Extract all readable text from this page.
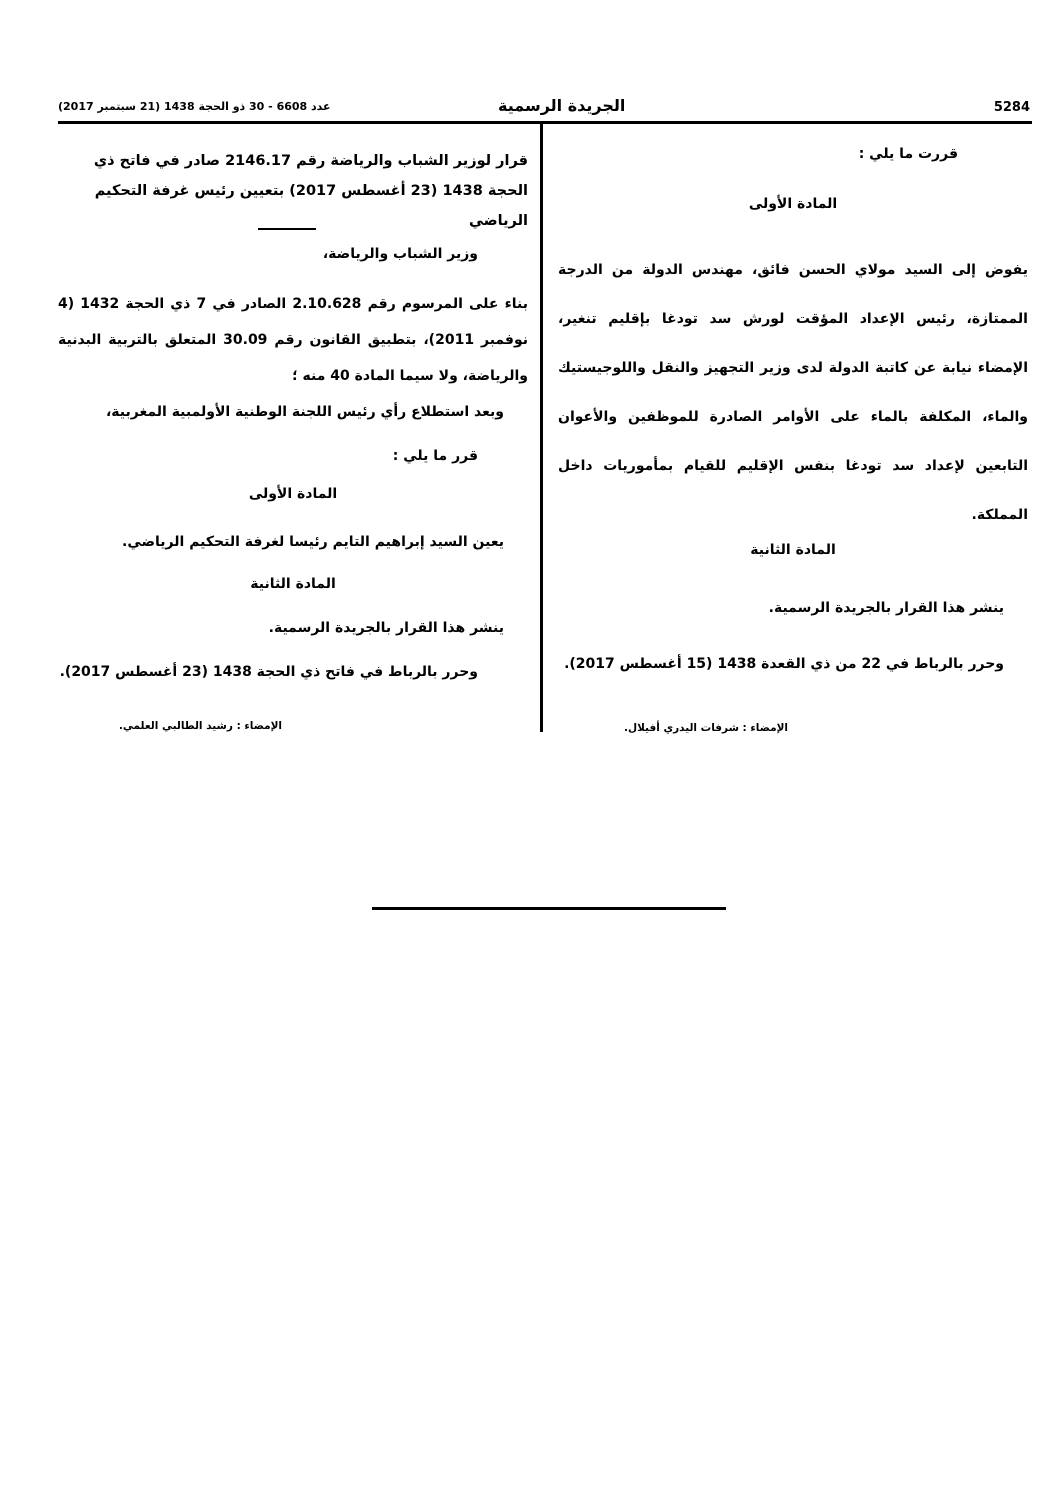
5284
الجريدة الرسمية
عدد 6608 - 30 ذو الحجة 1438 (21 سبتمبر 2017)

قررت ما يلي :

المادة الأولى

يفوض إلى السيد مولاي الحسن فائق، مهندس الدولة من الدرجة الممتازة، رئيس الإعداد المؤقت لورش سد تودغا بإقليم تنغير، الإمضاء نيابة عن كاتبة الدولة لدى وزير التجهيز والنقل واللوجيستيك والماء، المكلفة بالماء على الأوامر الصادرة للموظفين والأعوان التابعين لإعداد سد تودغا بنفس الإقليم للقيام بمأموريات داخل المملكة.

المادة الثانية

ينشر هذا القرار بالجريدة الرسمية.

وحرر بالرباط في 22 من ذي القعدة 1438 (15 أغسطس 2017).

الإمضاء : شرفات اليدري أفيلال.

قرار لوزير الشباب والرياضة رقم 2146.17 صادر في فاتح ذي الحجة 1438 (23 أغسطس 2017) بتعيين رئيس غرفة التحكيم الرياضي

وزير الشباب والرياضة،

بناء على المرسوم رقم 2.10.628 الصادر في 7 ذي الحجة 1432 (4 نوفمبر 2011)، بتطبيق القانون رقم 30.09 المتعلق بالتربية البدنية والرياضة، ولا سيما المادة 40 منه ؛

وبعد استطلاع رأي رئيس اللجنة الوطنية الأولمبية المغربية،

قرر ما يلي :

المادة الأولى

يعين السيد إبراهيم التايم رئيسا لغرفة التحكيم الرياضي.

المادة الثانية

ينشر هذا القرار بالجريدة الرسمية.

وحرر بالرباط في فاتح ذي الحجة 1438 (23 أغسطس 2017).

الإمضاء : رشيد الطالبي العلمي.
